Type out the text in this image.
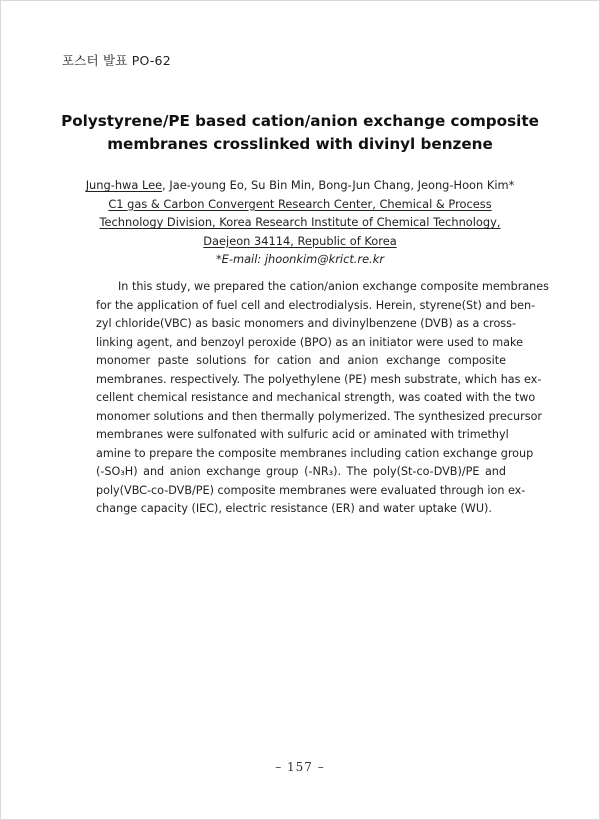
포스터 발표 PO-62
Polystyrene/PE based cation/anion exchange composite
membranes crosslinked with divinyl benzene
Jung-hwa Lee, Jae-young Eo, Su Bin Min, Bong-Jun Chang, Jeong-Hoon Kim*
C1 gas & Carbon Convergent Research Center, Chemical & Process
Technology Division, Korea Research Institute of Chemical Technology,
Daejeon 34114, Republic of Korea
*E-mail: jhoonkim@krict.re.kr
In this study, we prepared the cation/anion exchange composite membranes
for the application of fuel cell and electrodialysis. Herein, styrene(St) and ben-
zyl chloride(VBC) as basic monomers and divinylbenzene (DVB) as a cross-
linking agent, and benzoyl peroxide (BPO) as an initiator were used to make
monomer paste solutions for cation and anion exchange composite
membranes. respectively. The polyethylene (PE) mesh substrate, which has ex-
cellent chemical resistance and mechanical strength, was coated with the two
monomer solutions and then thermally polymerized. The synthesized precursor
membranes were sulfonated with sulfuric acid or aminated with trimethyl
amine to prepare the composite membranes including cation exchange group
(-SO₃H) and anion exchange group (-NR₃). The poly(St-co-DVB)/PE and
poly(VBC-co-DVB/PE) composite membranes were evaluated through ion ex-
change capacity (IEC), electric resistance (ER) and water uptake (WU).
– 157 –
